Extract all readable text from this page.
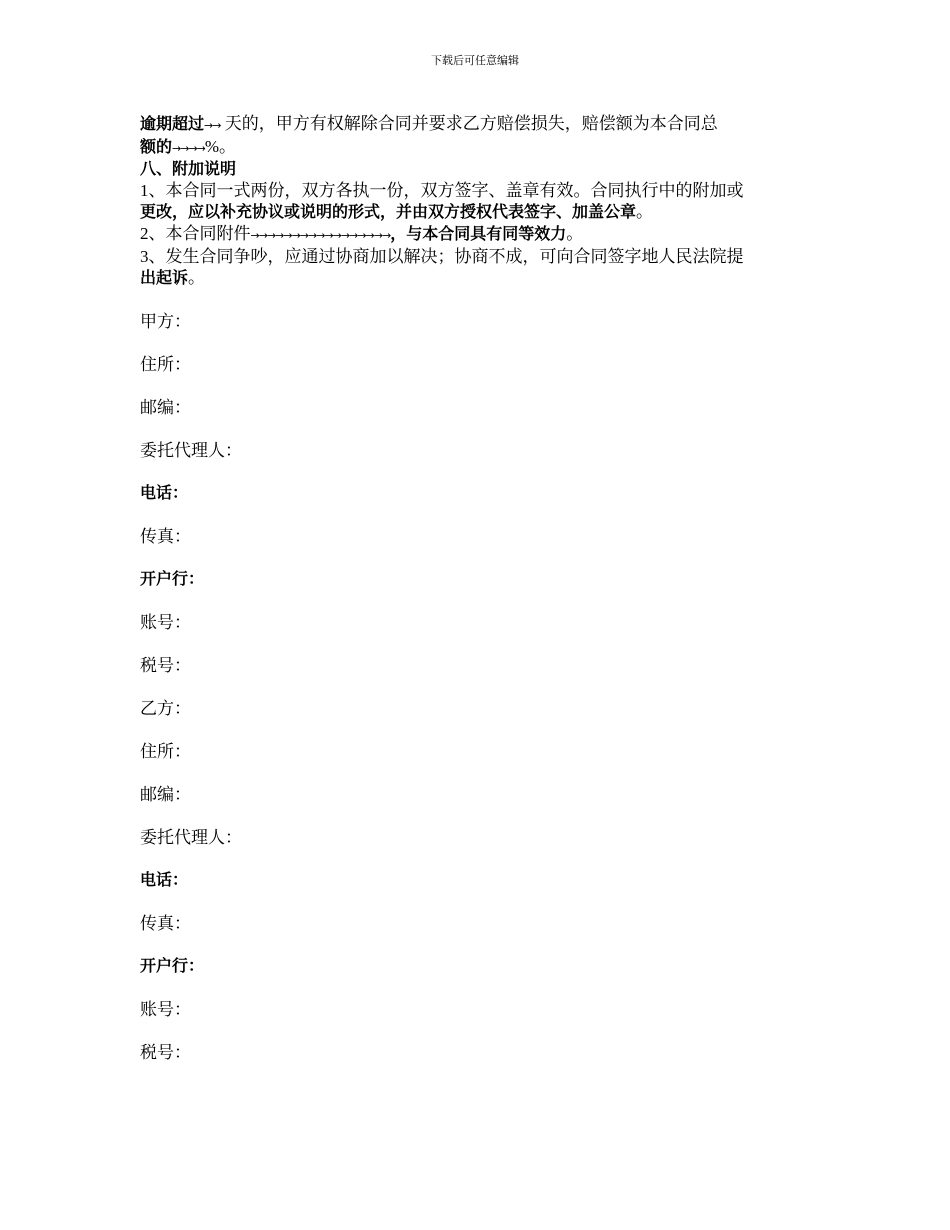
下载后可任意编辑
逾期超过→→ 天的，甲方有权解除合同并要求乙方赔偿损失，赔偿额为本合同总
额的→→→→%。
八、附加说明
1、本合同一式两份，双方各执一份，双方签字、盖章有效。合同执行中的附加或
更改，应以补充协议或说明的形式，并由双方授权代表签字、加盖公章。
2、本合同附件→→→→→→→→→→→→→→→→→，与本合同具有同等效力。
3、发生合同争吵，应通过协商加以解决；协商不成，可向合同签字地人民法院提
出起诉。
甲方：
住所：
邮编：
委托代理人：
电话：
传真：
开户行：
账号：
税号：
乙方：
住所：
邮编：
委托代理人：
电话：
传真：
开户行：
账号：
税号：
